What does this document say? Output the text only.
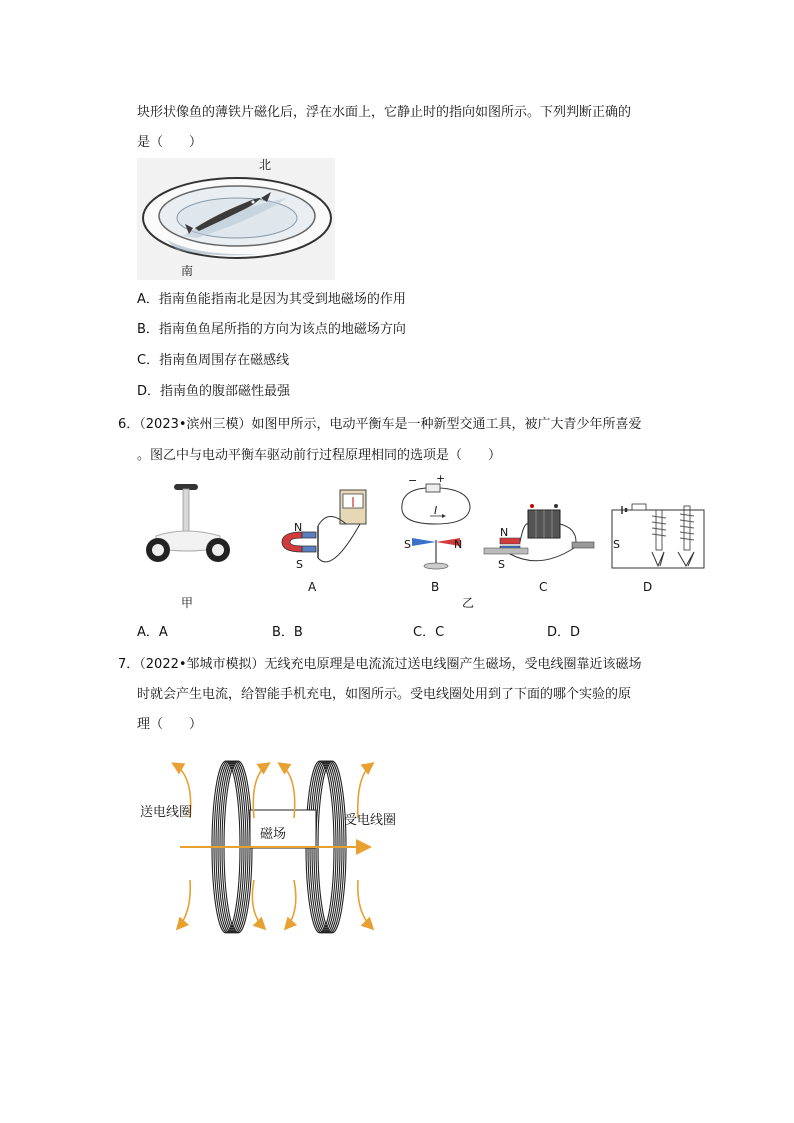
块形状像鱼的薄铁片磁化后，浮在水面上，它静止时的指向如图所示。下列判断正确的
是（　　）
北
南
A．指南鱼能指南北是因为其受到地磁场的作用
B．指南鱼鱼尾所指的方向为该点的地磁场方向
C．指南鱼周围存在磁感线
D．指南鱼的腹部磁性最强
6．（2023•滨州三模）如图甲所示，电动平衡车是一种新型交通工具，被广大青少年所喜爱
。图乙中与电动平衡车驱动前行过程原理相同的选项是（　　）
甲
N
S
A
− +
I
S	N
B
乙
N
S
C
S
D
A．A	B．B	C．C	D．D
7．（2022•邹城市模拟）无线充电原理是电流流过送电线圈产生磁场，受电线圈靠近该磁场
时就会产生电流，给智能手机充电，如图所示。受电线圈处用到了下面的哪个实验的原
理（　　）
送电线圈
受电线圈
磁场
